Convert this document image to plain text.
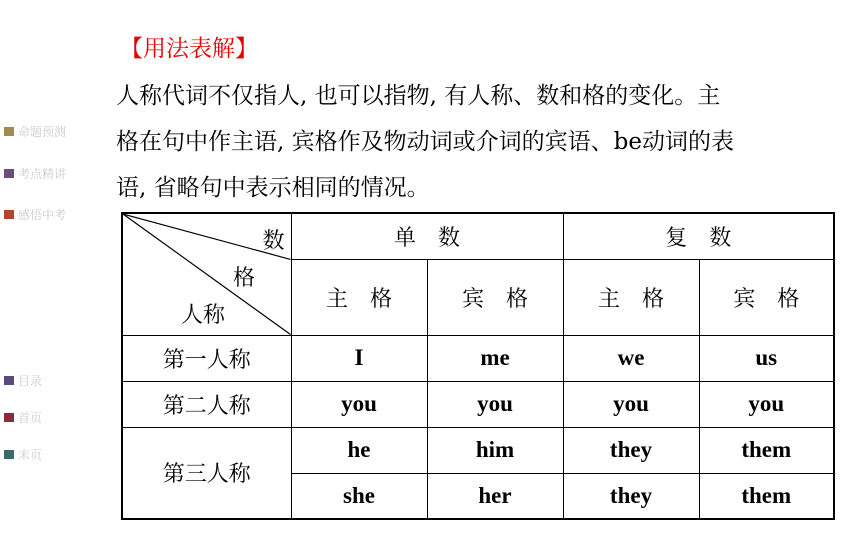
命题预测
考点精讲
感悟中考
目录
首页
末页
【用法表解】
人称代词不仅指人, 也可以指物, 有人称、数和格的变化。主
格在句中作主语, 宾格作及物动词或介词的宾语、be动词的表
语, 省略句中表示相同的情况。
数
格
人称	单　数		复　数	
	主　格	宾　格	主　格	宾　格
第一人称	I	me	we	us
第二人称	you	you	you	you
第三人称	he	him	they	them
	she	her	they	them
